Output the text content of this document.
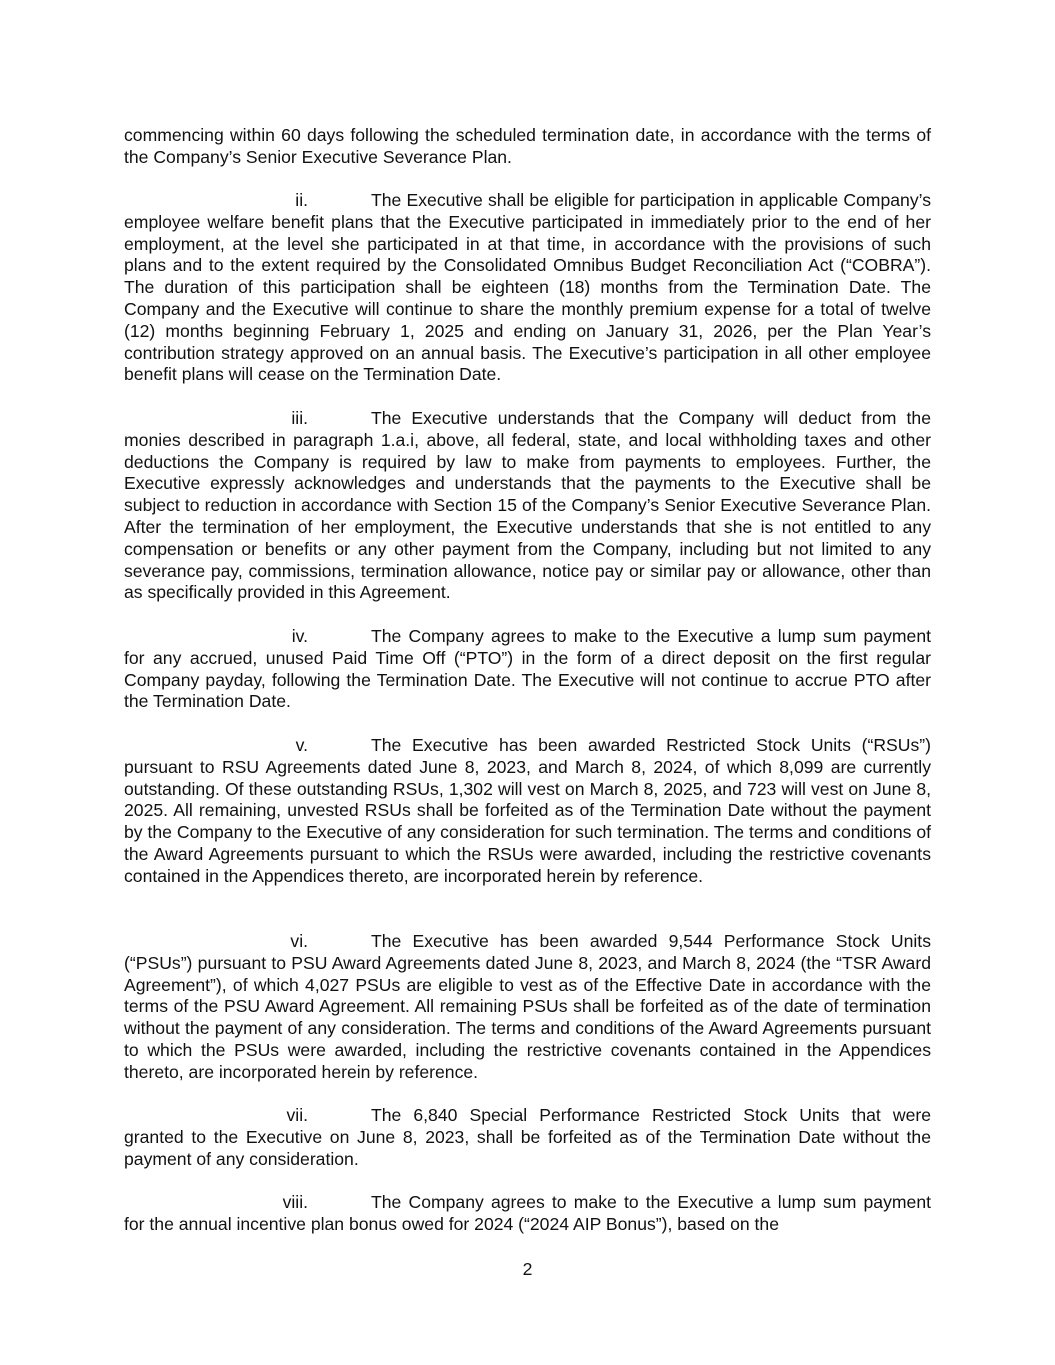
commencing within 60 days following the scheduled termination date, in accordance with the terms of the Company’s Senior Executive Severance Plan.

ii.	The Executive shall be eligible for participation in applicable Company’s employee welfare benefit plans that the Executive participated in immediately prior to the end of her employment, at the level she participated in at that time, in accordance with the provisions of such plans and to the extent required by the Consolidated Omnibus Budget Reconciliation Act (“COBRA”). The duration of this participation shall be eighteen (18) months from the Termination Date. The Company and the Executive will continue to share the monthly premium expense for a total of twelve (12) months beginning February 1, 2025 and ending on January 31, 2026, per the Plan Year’s contribution strategy approved on an annual basis. The Executive’s participation in all other employee benefit plans will cease on the Termination Date.

iii.	The Executive understands that the Company will deduct from the monies described in paragraph 1.a.i, above, all federal, state, and local withholding taxes and other deductions the Company is required by law to make from payments to employees. Further, the Executive expressly acknowledges and understands that the payments to the Executive shall be subject to reduction in accordance with Section 15 of the Company’s Senior Executive Severance Plan. After the termination of her employment, the Executive understands that she is not entitled to any compensation or benefits or any other payment from the Company, including but not limited to any severance pay, commissions, termination allowance, notice pay or similar pay or allowance, other than as specifically provided in this Agreement.

iv.	The Company agrees to make to the Executive a lump sum payment for any accrued, unused Paid Time Off (“PTO”) in the form of a direct deposit on the first regular Company payday, following the Termination Date. The Executive will not continue to accrue PTO after the Termination Date.

v.	The Executive has been awarded Restricted Stock Units (“RSUs”) pursuant to RSU Agreements dated June 8, 2023, and March 8, 2024, of which 8,099 are currently outstanding. Of these outstanding RSUs, 1,302 will vest on March 8, 2025, and 723 will vest on June 8, 2025. All remaining, unvested RSUs shall be forfeited as of the Termination Date without the payment by the Company to the Executive of any consideration for such termination. The terms and conditions of the Award Agreements pursuant to which the RSUs were awarded, including the restrictive covenants contained in the Appendices thereto, are incorporated herein by reference.

vi.	The Executive has been awarded 9,544 Performance Stock Units (“PSUs”) pursuant to PSU Award Agreements dated June 8, 2023, and March 8, 2024 (the “TSR Award Agreement”), of which 4,027 PSUs are eligible to vest as of the Effective Date in accordance with the terms of the PSU Award Agreement. All remaining PSUs shall be forfeited as of the date of termination without the payment of any consideration. The terms and conditions of the Award Agreements pursuant to which the PSUs were awarded, including the restrictive covenants contained in the Appendices thereto, are incorporated herein by reference.

vii.	The 6,840 Special Performance Restricted Stock Units that were granted to the Executive on June 8, 2023, shall be forfeited as of the Termination Date without the payment of any consideration.

viii.	The Company agrees to make to the Executive a lump sum payment for the annual incentive plan bonus owed for 2024 (“2024 AIP Bonus”), based on the

2
